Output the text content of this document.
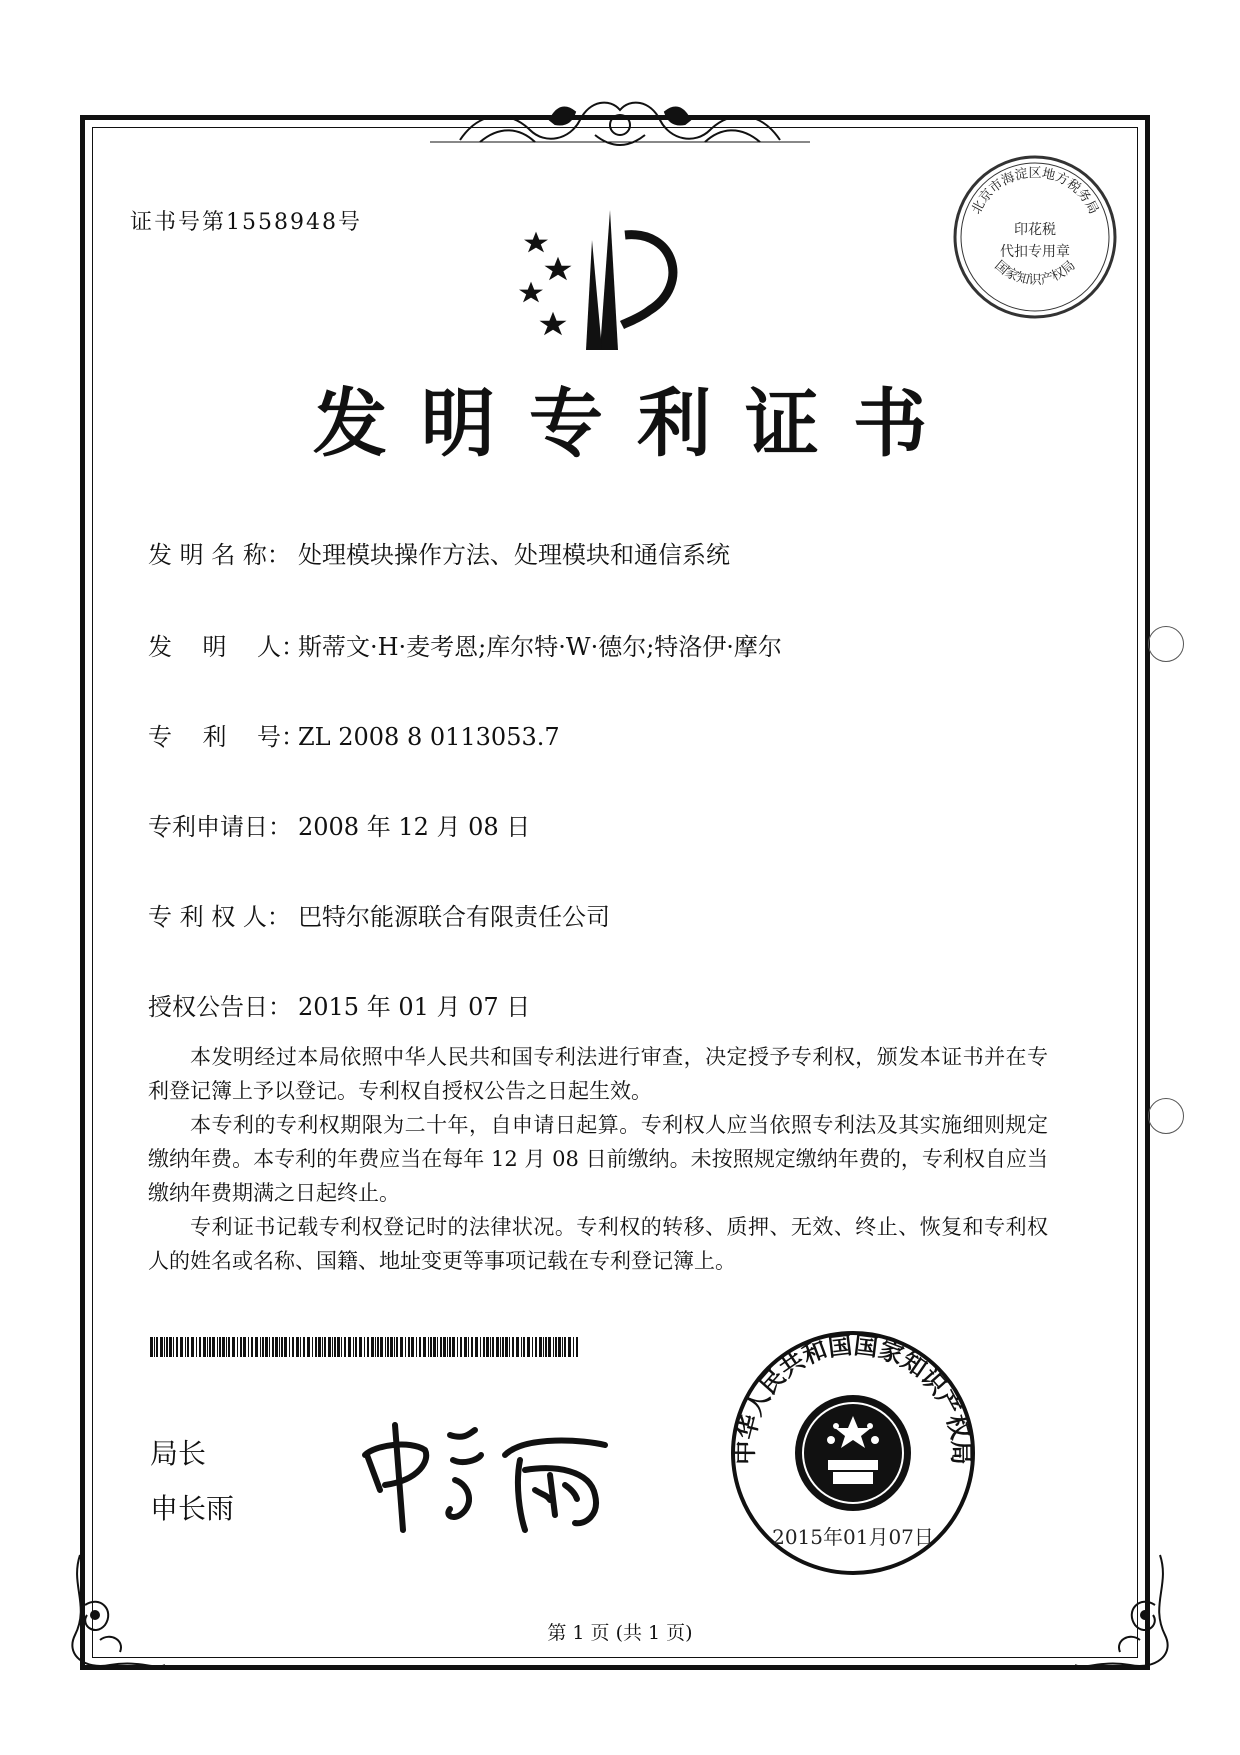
证书号第1558948号
北京市海淀区地方税务局
国家知识产权局
印花税
代扣专用章
发明专利证书
发 明 名 称： 处理模块操作方法、处理模块和通信系统
发    明    人：斯蒂文·H·麦考恩;库尔特·W·德尔;特洛伊·摩尔
专    利    号：ZL 2008 8 0113053.7
专利申请日： 2008 年 12 月 08 日
专 利 权 人： 巴特尔能源联合有限责任公司
授权公告日： 2015 年 01 月 07 日

本发明经过本局依照中华人民共和国专利法进行审查，决定授予专利权，颁发本证书并在专利登记簿上予以登记。专利权自授权公告之日起生效。

本专利的专利权期限为二十年，自申请日起算。专利权人应当依照专利法及其实施细则规定缴纳年费。本专利的年费应当在每年 12 月 08 日前缴纳。未按照规定缴纳年费的，专利权自应当缴纳年费期满之日起终止。

专利证书记载专利权登记时的法律状况。专利权的转移、质押、无效、终止、恢复和专利权人的姓名或名称、国籍、地址变更等事项记载在专利登记簿上。

局长
申长雨
中华人民共和国国家知识产权局
2015年01月07日
第 1 页 (共 1 页)
